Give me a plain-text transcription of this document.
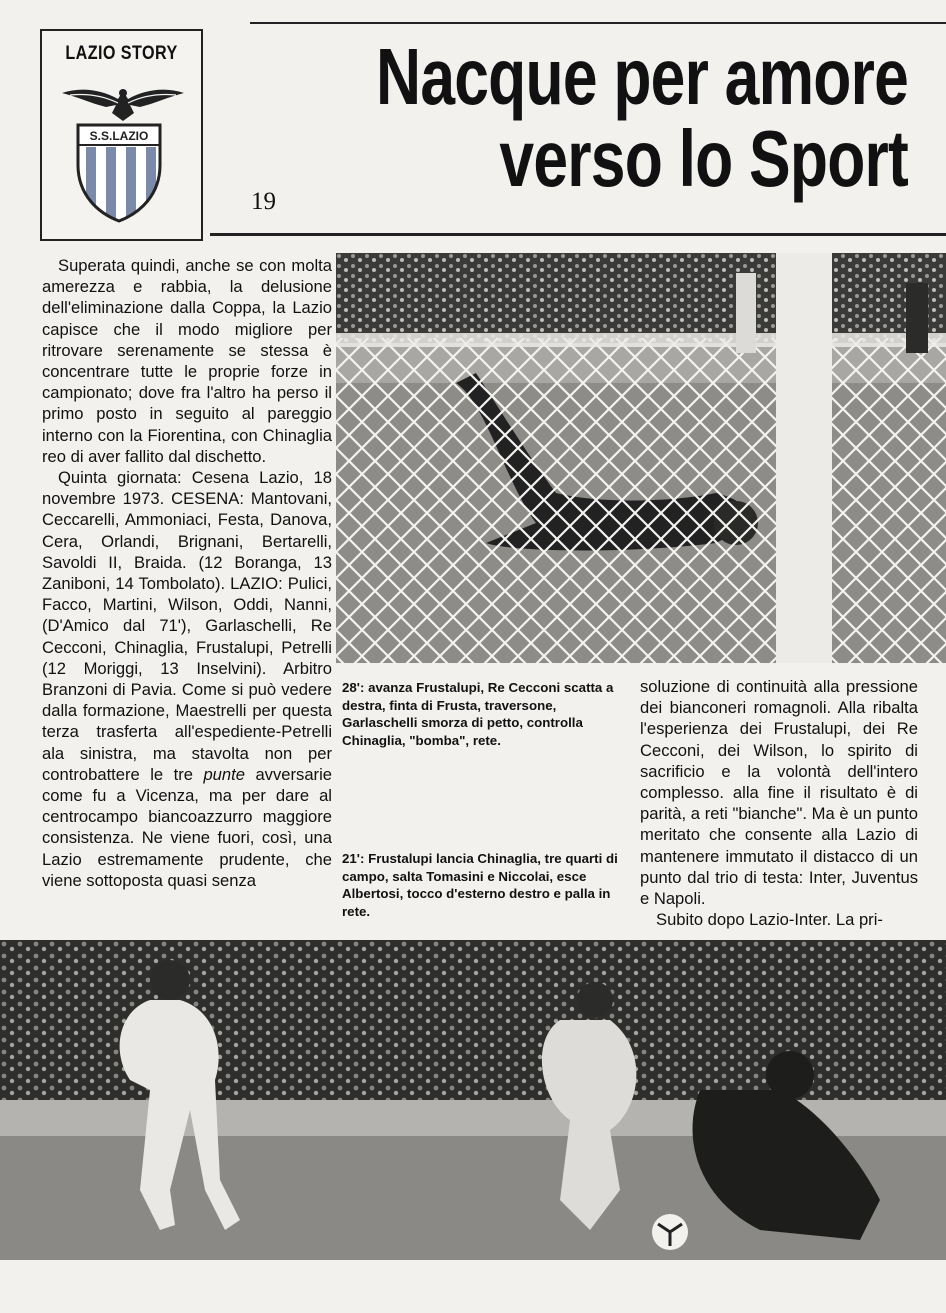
LAZIO STORY
S.S.LAZIO
19
Nacque per amore
verso lo Sport

Superata quindi, anche se con molta amerezza e rabbia, la delusione dell'eliminazione dalla Coppa, la Lazio capisce che il modo migliore per ritrovare serenamente se stessa è concentrare tutte le proprie forze in campionato; dove fra l'altro ha perso il primo posto in seguito al pareggio interno con la Fiorentina, con Chinaglia reo di aver fallito dal dischetto.

Quinta giornata: Cesena Lazio, 18 novembre 1973. CESENA: Mantovani, Ceccarelli, Ammoniaci, Festa, Danova, Cera, Orlandi, Brignani, Bertarelli, Savoldi II, Braida. (12 Boranga, 13 Zaniboni, 14 Tombolato). LAZIO: Pulici, Facco, Martini, Wilson, Oddi, Nanni, (D'Amico dal 71'), Garlaschelli, Re Cecconi, Chinaglia, Frustalupi, Petrelli (12 Moriggi, 13 Inselvini). Arbitro Branzoni di Pavia. Come si può vedere dalla formazione, Maestrelli per questa terza trasferta all'espediente-Petrelli ala sinistra, ma stavolta non per controbattere le tre punte avversarie come fu a Vicenza, ma per dare al centrocampo biancoazzurro maggiore consistenza. Ne viene fuori, così, una Lazio estremamente prudente, che viene sottoposta quasi senza

28': avanza Frustalupi, Re Cecconi scatta a destra, finta di Frusta, traversone, Garlaschelli smorza di petto, controlla Chinaglia, "bomba", rete.
21': Frustalupi lancia Chinaglia, tre quarti di campo, salta Tomasini e Niccolai, esce Albertosi, tocco d'esterno destro e palla in rete.

soluzione di continuità alla pressione dei bianconeri romagnoli. Alla ribalta l'esperienza dei Frustalupi, dei Re Cecconi, dei Wilson, lo spirito di sacrificio e la volontà dell'intero complesso. alla fine il risultato è di parità, a reti "bianche". Ma è un punto meritato che consente alla Lazio di mantenere immutato il distacco di un punto dal trio di testa: Inter, Juventus e Napoli.

Subito dopo Lazio-Inter. La pri-
